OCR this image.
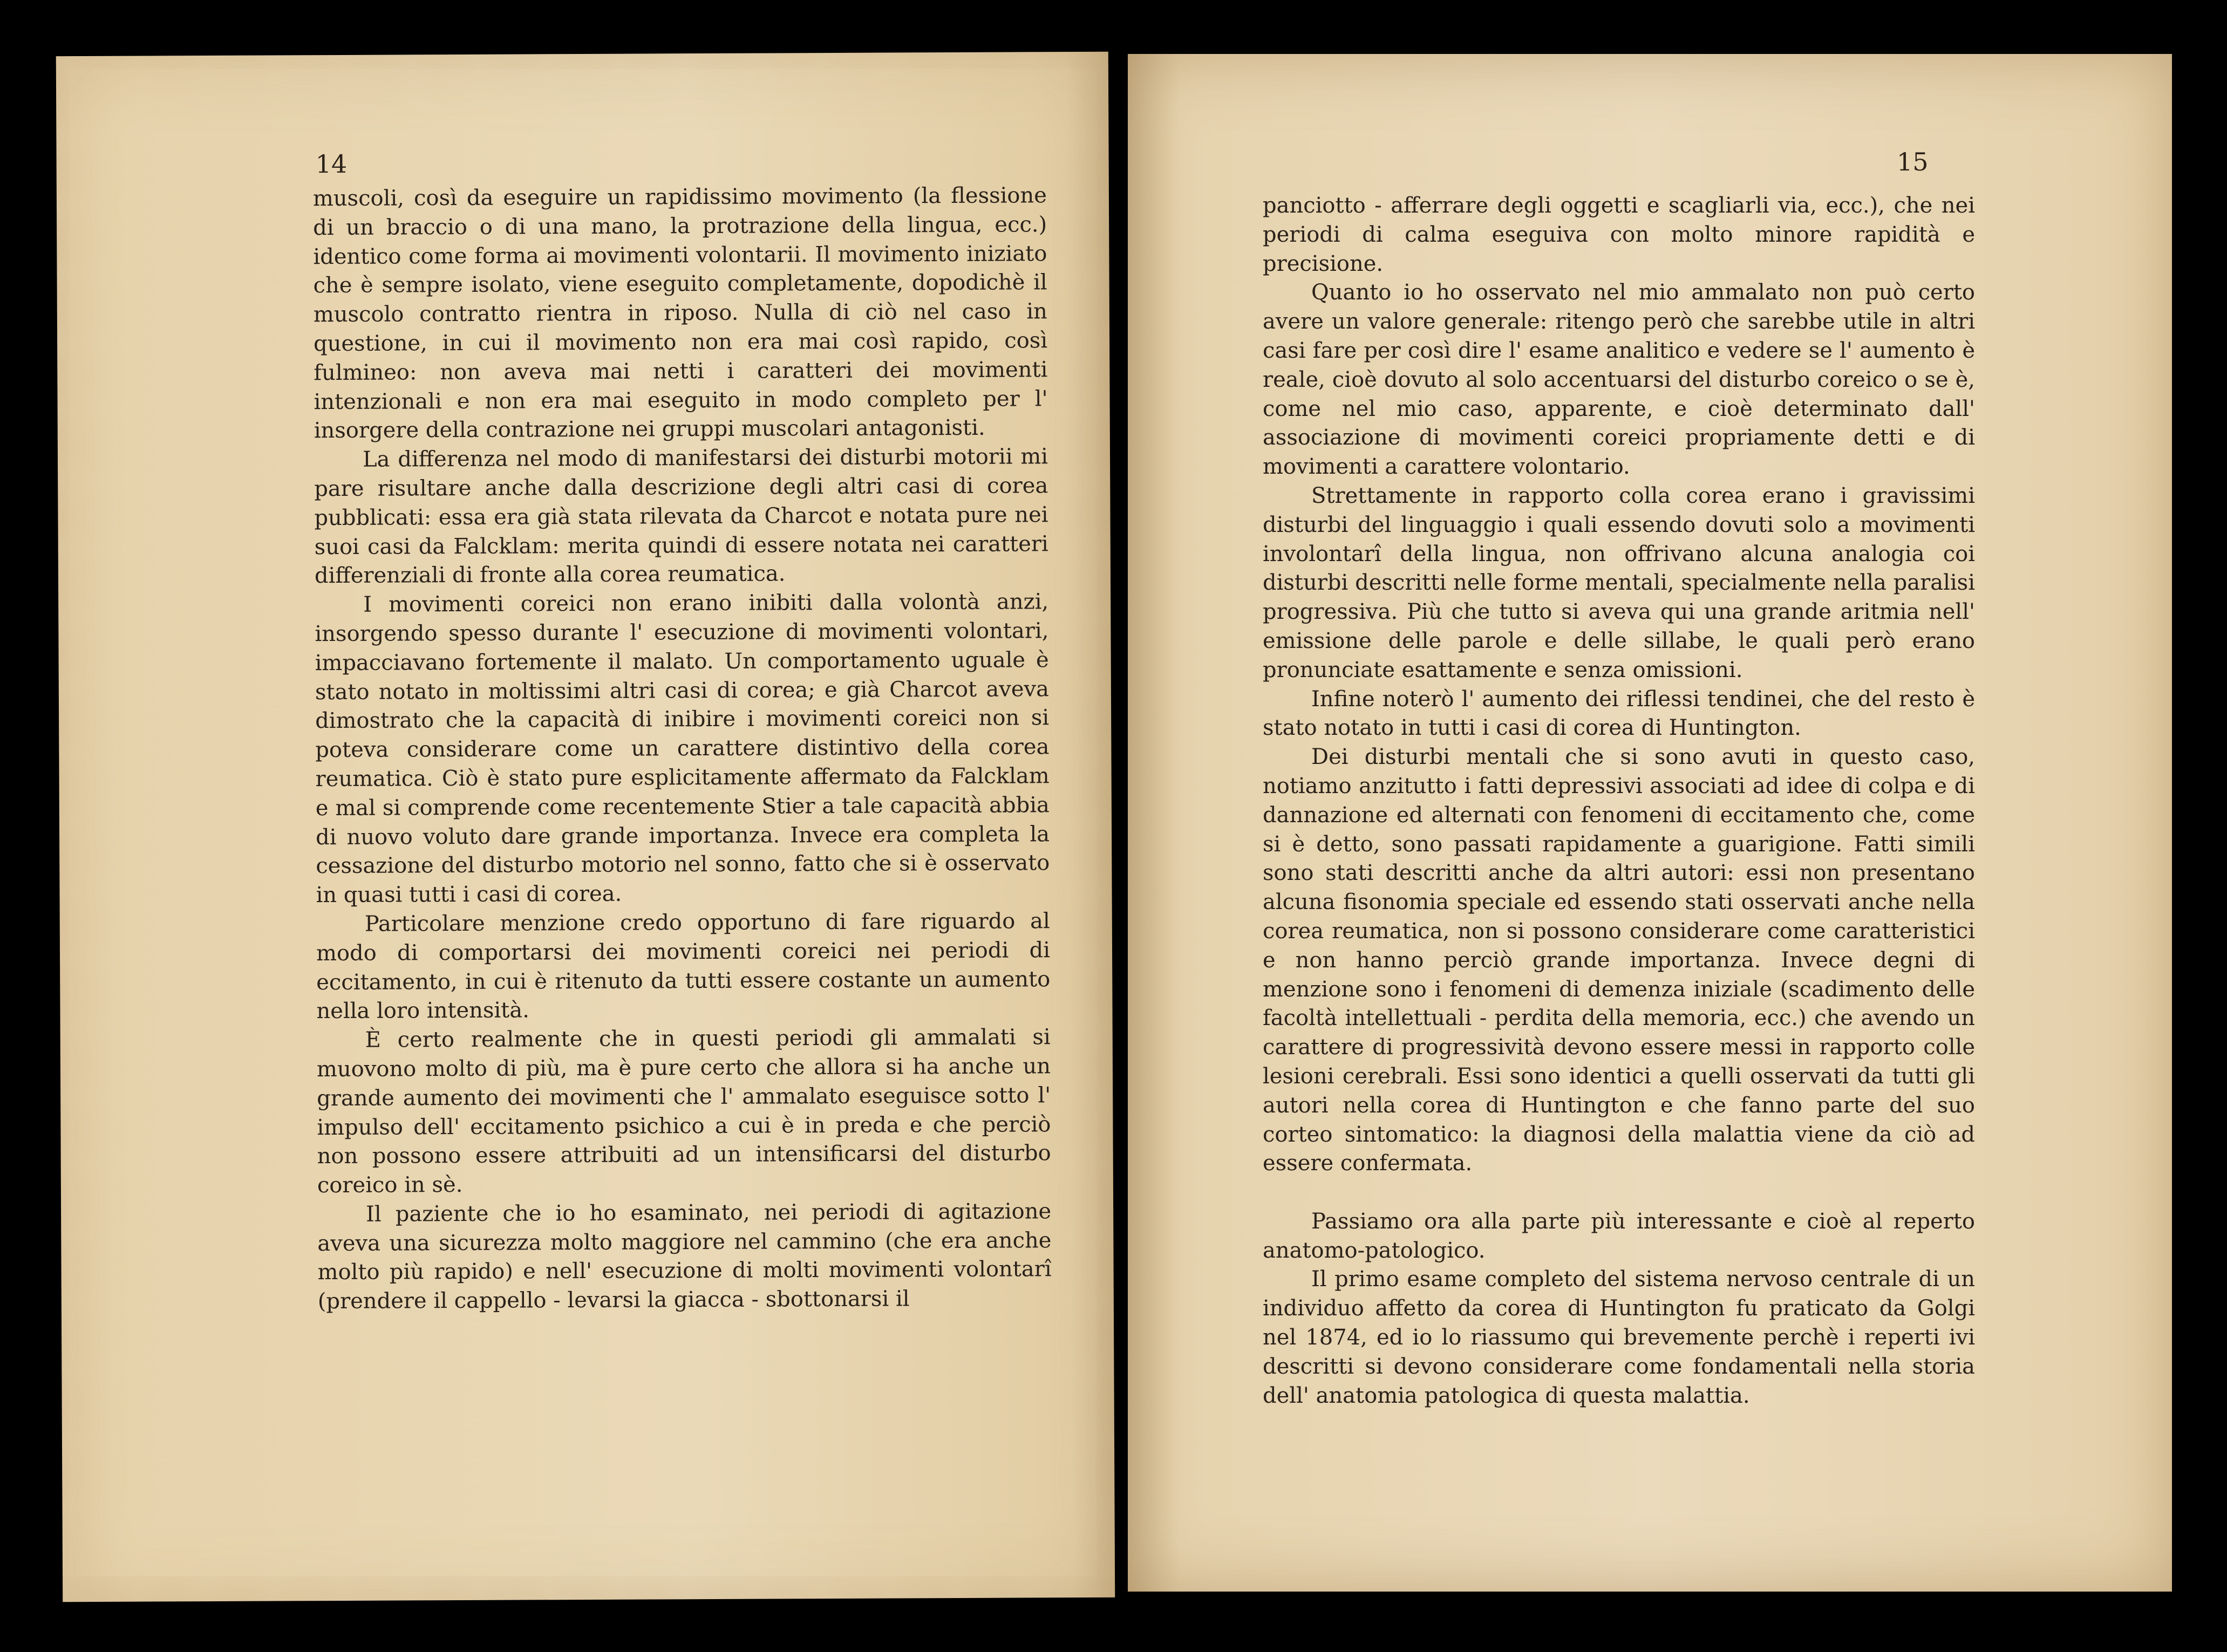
14

muscoli, così da eseguire un rapidissimo movimento (la flessione di un braccio o di una mano, la protrazione della lingua, ecc.) identico come forma ai movimenti volontarii. Il movimento iniziato che è sempre isolato, viene eseguito completamente, dopodichè il muscolo contratto rientra in riposo. Nulla di ciò nel caso in questione, in cui il movimento non era mai così rapido, così fulmineo: non aveva mai netti i caratteri dei movimenti intenzionali e non era mai eseguito in modo completo per l' insorgere della contrazione nei gruppi muscolari antagonisti.

La differenza nel modo di manifestarsi dei disturbi motorii mi pare risultare anche dalla descrizione degli altri casi di corea pubblicati: essa era già stata rilevata da Charcot e notata pure nei suoi casi da Falcklam: merita quindi di essere notata nei caratteri differenziali di fronte alla corea reumatica.

I movimenti coreici non erano inibiti dalla volontà anzi, insorgendo spesso durante l' esecuzione di movimenti volontari, impacciavano fortemente il malato. Un comportamento uguale è stato notato in moltissimi altri casi di corea; e già Charcot aveva dimostrato che la capacità di inibire i movimenti coreici non si poteva considerare come un carattere distintivo della corea reumatica. Ciò è stato pure esplicitamente affermato da Falcklam e mal si comprende come recentemente Stier a tale capacità abbia di nuovo voluto dare grande importanza. Invece era completa la cessazione del disturbo motorio nel sonno, fatto che si è osservato in quasi tutti i casi di corea.

Particolare menzione credo opportuno di fare riguardo al modo di comportarsi dei movimenti coreici nei periodi di eccitamento, in cui è ritenuto da tutti essere costante un aumento nella loro intensità.

È certo realmente che in questi periodi gli ammalati si muovono molto di più, ma è pure certo che allora si ha anche un grande aumento dei movimenti che l' ammalato eseguisce sotto l' impulso dell' eccitamento psichico a cui è in preda e che perciò non possono essere attribuiti ad un intensificarsi del disturbo coreico in sè.

Il paziente che io ho esaminato, nei periodi di agitazione aveva una sicurezza molto maggiore nel cammino (che era anche molto più rapido) e nell' esecuzione di molti movimenti volontarî (prendere il cappello - levarsi la giacca - sbottonarsi il

15

panciotto - afferrare degli oggetti e scagliarli via, ecc.), che nei periodi di calma eseguiva con molto minore rapidità e precisione.

Quanto io ho osservato nel mio ammalato non può certo avere un valore generale: ritengo però che sarebbe utile in altri casi fare per così dire l' esame analitico e vedere se l' aumento è reale, cioè dovuto al solo accentuarsi del disturbo coreico o se è, come nel mio caso, apparente, e cioè determinato dall' associazione di movimenti coreici propriamente detti e di movimenti a carattere volontario.

Strettamente in rapporto colla corea erano i gravissimi disturbi del linguaggio i quali essendo dovuti solo a movimenti involontarî della lingua, non offrivano alcuna analogia coi disturbi descritti nelle forme mentali, specialmente nella paralisi progressiva. Più che tutto si aveva qui una grande aritmia nell' emissione delle parole e delle sillabe, le quali però erano pronunciate esattamente e senza omissioni.

Infine noterò l' aumento dei riflessi tendinei, che del resto è stato notato in tutti i casi di corea di Huntington.

Dei disturbi mentali che si sono avuti in questo caso, notiamo anzitutto i fatti depressivi associati ad idee di colpa e di dannazione ed alternati con fenomeni di eccitamento che, come si è detto, sono passati rapidamente a guarigione. Fatti simili sono stati descritti anche da altri autori: essi non presentano alcuna fisonomia speciale ed essendo stati osservati anche nella corea reumatica, non si possono considerare come caratteristici e non hanno perciò grande importanza. Invece degni di menzione sono i fenomeni di demenza iniziale (scadimento delle facoltà intellettuali - perdita della memoria, ecc.) che avendo un carattere di progressività devono essere messi in rapporto colle lesioni cerebrali. Essi sono identici a quelli osservati da tutti gli autori nella corea di Huntington e che fanno parte del suo corteo sintomatico: la diagnosi della malattia viene da ciò ad essere confermata.

Passiamo ora alla parte più interessante e cioè al reperto anatomo-patologico.

Il primo esame completo del sistema nervoso centrale di un individuo affetto da corea di Huntington fu praticato da Golgi nel 1874, ed io lo riassumo qui brevemente perchè i reperti ivi descritti si devono considerare come fondamentali nella storia dell' anatomia patologica di questa malattia.
